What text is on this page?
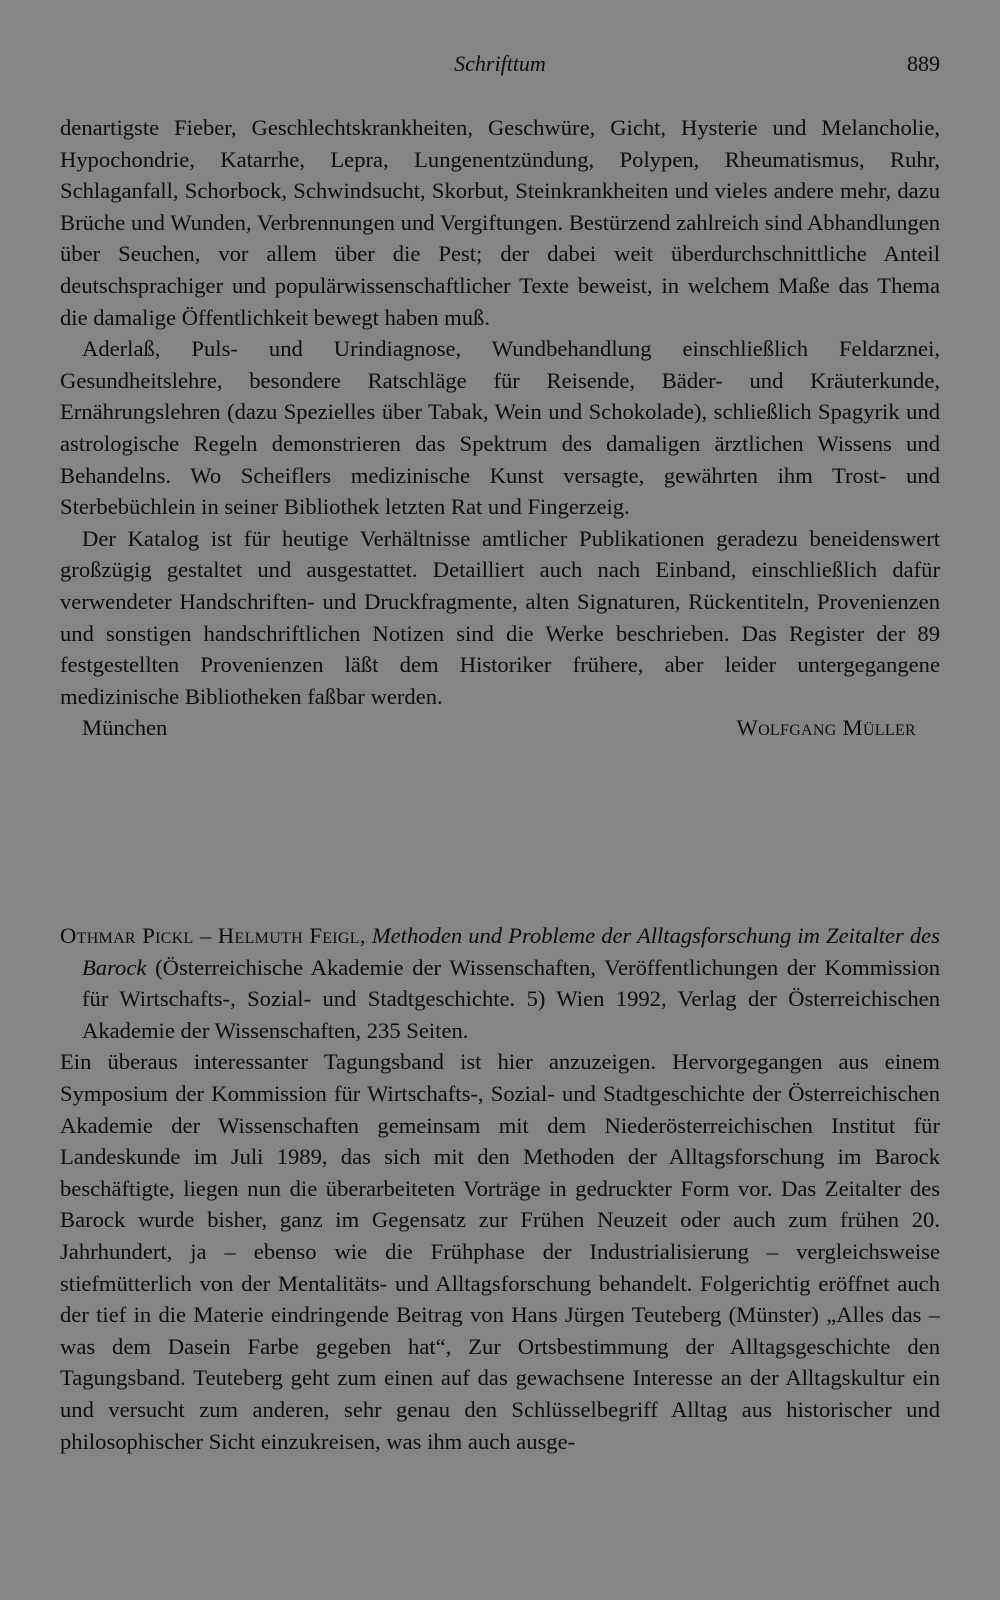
Schrifttum	889

denartigste Fieber, Geschlechtskrankheiten, Geschwüre, Gicht, Hysterie und Melancholie, Hypochondrie, Katarrhe, Lepra, Lungenentzündung, Polypen, Rheumatismus, Ruhr, Schlaganfall, Schorbock, Schwindsucht, Skorbut, Steinkrankheiten und vieles andere mehr, dazu Brüche und Wunden, Verbrennungen und Vergiftungen. Bestürzend zahlreich sind Abhandlungen über Seuchen, vor allem über die Pest; der dabei weit überdurchschnittliche Anteil deutschsprachiger und populärwissenschaftlicher Texte beweist, in welchem Maße das Thema die damalige Öffentlichkeit bewegt haben muß.

Aderlaß, Puls- und Urindiagnose, Wundbehandlung einschließlich Feldarznei, Gesundheitslehre, besondere Ratschläge für Reisende, Bäder- und Kräuterkunde, Ernährungslehren (dazu Spezielles über Tabak, Wein und Schokolade), schließlich Spagyrik und astrologische Regeln demonstrieren das Spektrum des damaligen ärztlichen Wissens und Behandelns. Wo Scheiflers medizinische Kunst versagte, gewährten ihm Trost- und Sterbebüchlein in seiner Bibliothek letzten Rat und Fingerzeig.

Der Katalog ist für heutige Verhältnisse amtlicher Publikationen geradezu beneidenswert großzügig gestaltet und ausgestattet. Detailliert auch nach Einband, einschließlich dafür verwendeter Handschriften- und Druckfragmente, alten Signaturen, Rückentiteln, Provenienzen und sonstigen handschriftlichen Notizen sind die Werke beschrieben. Das Register der 89 festgestellten Provenienzen läßt dem Historiker frühere, aber leider untergegangene medizinische Bibliotheken faßbar werden.

München	Wolfgang Müller

Othmar Pickl – Helmuth Feigl, Methoden und Probleme der Alltagsforschung im Zeitalter des Barock (Österreichische Akademie der Wissenschaften, Veröffentlichungen der Kommission für Wirtschafts-, Sozial- und Stadtgeschichte. 5) Wien 1992, Verlag der Österreichischen Akademie der Wissenschaften, 235 Seiten.

Ein überaus interessanter Tagungsband ist hier anzuzeigen. Hervorgegangen aus einem Symposium der Kommission für Wirtschafts-, Sozial- und Stadtgeschichte der Österreichischen Akademie der Wissenschaften gemeinsam mit dem Niederösterreichischen Institut für Landeskunde im Juli 1989, das sich mit den Methoden der Alltagsforschung im Barock beschäftigte, liegen nun die überarbeiteten Vorträge in gedruckter Form vor. Das Zeitalter des Barock wurde bisher, ganz im Gegensatz zur Frühen Neuzeit oder auch zum frühen 20. Jahrhundert, ja – ebenso wie die Frühphase der Industrialisierung – vergleichsweise stiefmütterlich von der Mentalitäts- und Alltagsforschung behandelt. Folgerichtig eröffnet auch der tief in die Materie eindringende Beitrag von Hans Jürgen Teuteberg (Münster) „Alles das – was dem Dasein Farbe gegeben hat“, Zur Ortsbestimmung der Alltagsgeschichte den Tagungsband. Teuteberg geht zum einen auf das gewachsene Interesse an der Alltagskultur ein und versucht zum anderen, sehr genau den Schlüsselbegriff Alltag aus historischer und philosophischer Sicht einzukreisen, was ihm auch ausge-
